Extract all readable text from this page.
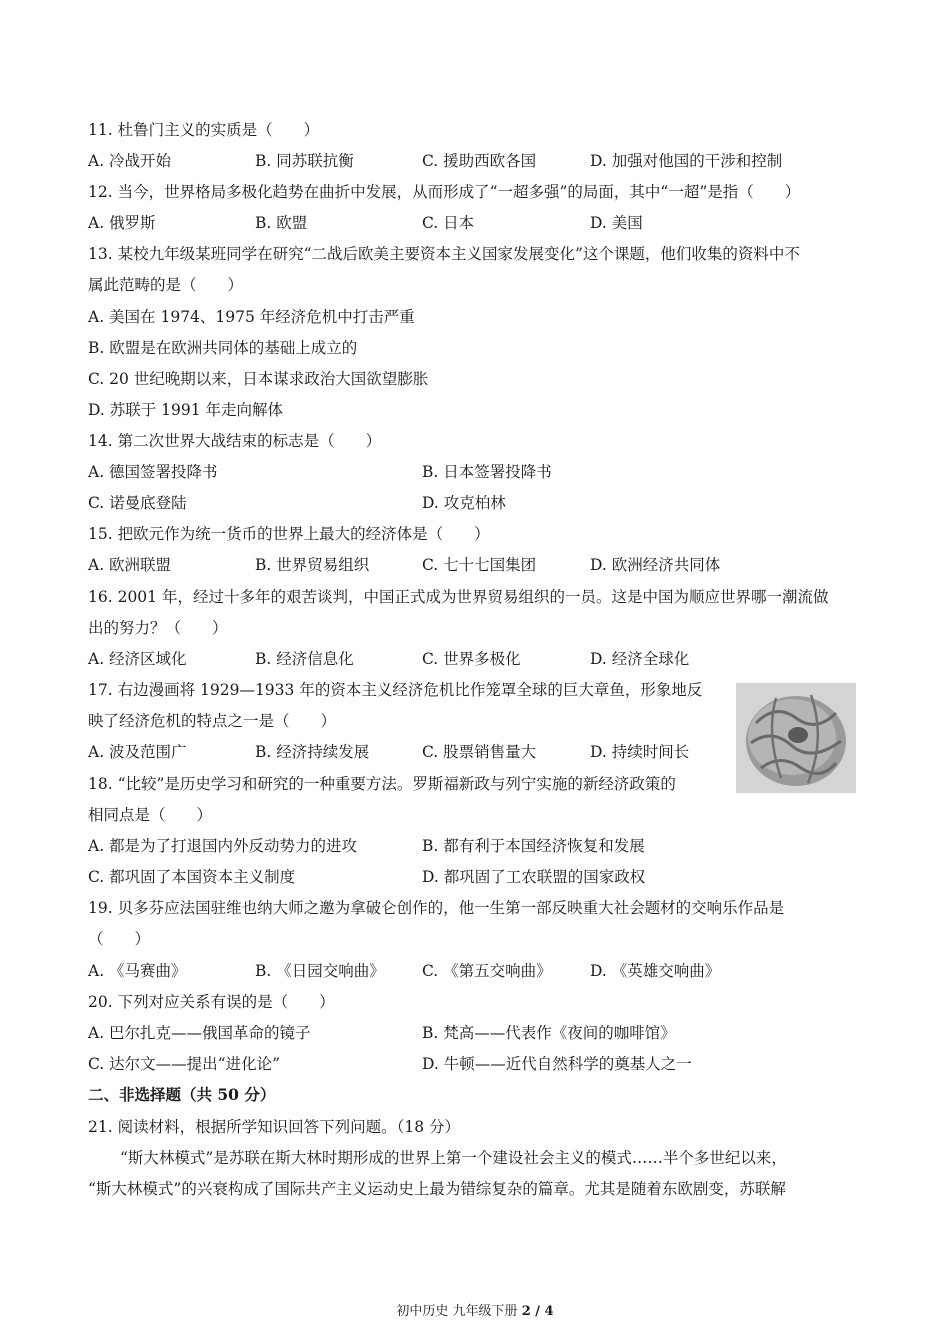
11. 杜鲁门主义的实质是（　　）
A. 冷战开始	B. 同苏联抗衡	C. 援助西欧各国	D. 加强对他国的干涉和控制
12. 当今，世界格局多极化趋势在曲折中发展，从而形成了“一超多强”的局面，其中“一超”是指（　　）
A. 俄罗斯	B. 欧盟	C. 日本	D. 美国
13. 某校九年级某班同学在研究“二战后欧美主要资本主义国家发展变化”这个课题，他们收集的资料中不
属此范畴的是（　　）
A. 美国在 1974、1975 年经济危机中打击严重
B. 欧盟是在欧洲共同体的基础上成立的
C. 20 世纪晚期以来，日本谋求政治大国欲望膨胀
D. 苏联于 1991 年走向解体
14. 第二次世界大战结束的标志是（　　）
A. 德国签署投降书	B. 日本签署投降书
C. 诺曼底登陆	D. 攻克柏林
15. 把欧元作为统一货币的世界上最大的经济体是（　　）
A. 欧洲联盟	B. 世界贸易组织	C. 七十七国集团	D. 欧洲经济共同体
16. 2001 年，经过十多年的艰苦谈判，中国正式成为世界贸易组织的一员。这是中国为顺应世界哪一潮流做
出的努力？（　　）
A. 经济区域化	B. 经济信息化	C. 世界多极化	D. 经济全球化
17. 右边漫画将 1929—1933 年的资本主义经济危机比作笼罩全球的巨大章鱼，形象地反
映了经济危机的特点之一是（　　）
A. 波及范围广	B. 经济持续发展	C. 股票销售量大	D. 持续时间长
18. “比较”是历史学习和研究的一种重要方法。罗斯福新政与列宁实施的新经济政策的
相同点是（　　）
A. 都是为了打退国内外反动势力的进攻	B. 都有利于本国经济恢复和发展
C. 都巩固了本国资本主义制度	D. 都巩固了工农联盟的国家政权
19. 贝多芬应法国驻维也纳大师之邀为拿破仑创作的，他一生第一部反映重大社会题材的交响乐作品是
（　　）
A. 《马赛曲》	B. 《日园交响曲》 C. 《第五交响曲》 D. 《英雄交响曲》
20. 下列对应关系有误的是（　　）
A. 巴尔扎克——俄国革命的镜子	B. 梵高——代表作《夜间的咖啡馆》
C. 达尔文——提出“进化论”	D. 牛顿——近代自然科学的奠基人之一
二、非选择题（共 50 分）
21. 阅读材料，根据所学知识回答下列问题。（18 分）
“斯大林模式”是苏联在斯大林时期形成的世界上第一个建设社会主义的模式……半个多世纪以来，
“斯大林模式”的兴衰构成了国际共产主义运动史上最为错综复杂的篇章。尤其是随着东欧剧变，苏联解
初中历史 九年级下册 2 / 4
